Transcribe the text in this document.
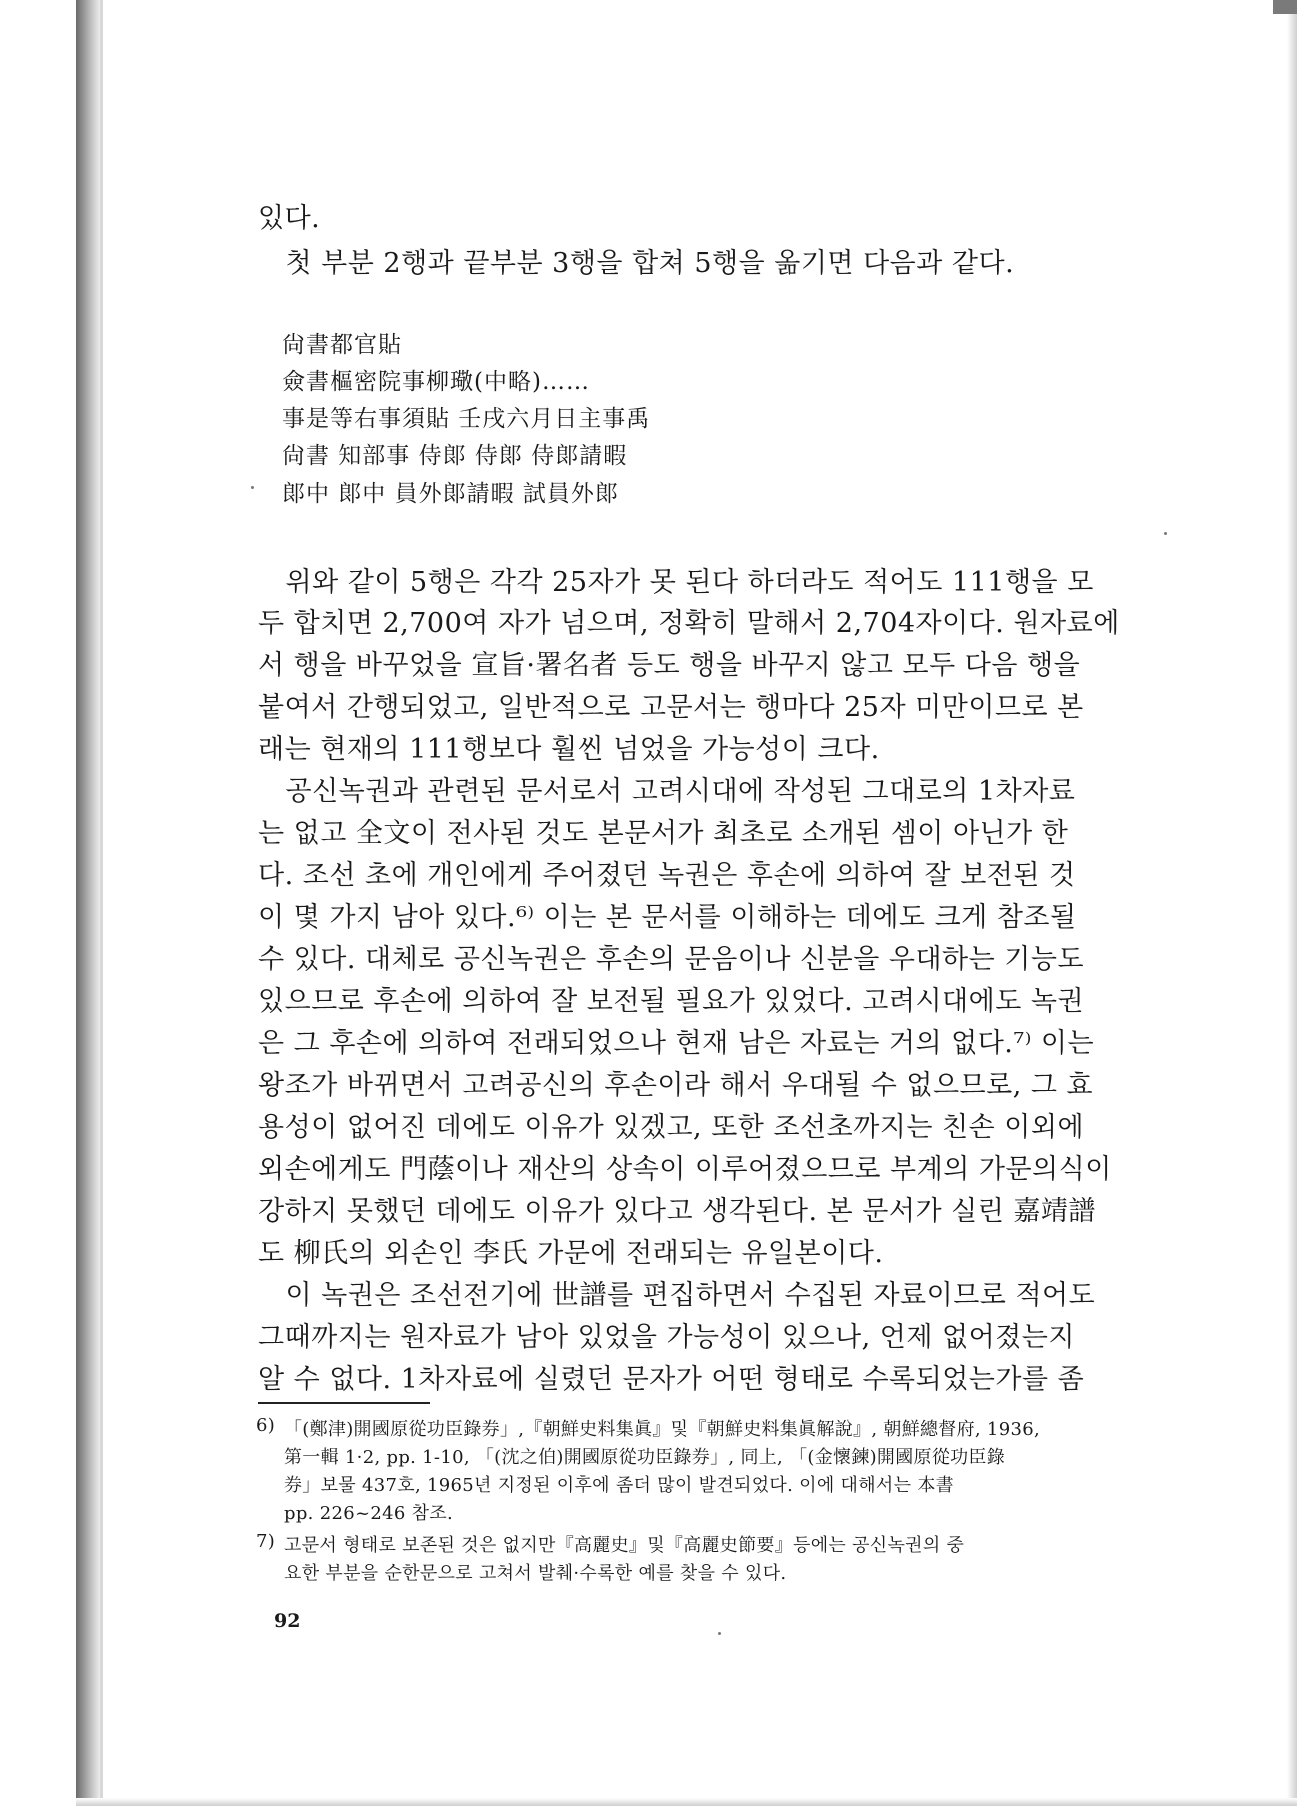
있다.
　첫 부분 2행과 끝부분 3행을 합쳐 5행을 옮기면 다음과 같다.
尙書都官貼
僉書樞密院事柳璥(中略)……
事是等右事須貼 壬戌六月日主事禹
尙書 知部事 侍郞 侍郞 侍郞請暇
郞中 郞中 員外郞請暇 試員外郞
　위와 같이 5행은 각각 25자가 못 된다 하더라도 적어도 111행을 모
두 합치면 2,700여 자가 넘으며, 정확히 말해서 2,704자이다. 원자료에
서 행을 바꾸었을 宣旨·署名者 등도 행을 바꾸지 않고 모두 다음 행을
붙여서 간행되었고, 일반적으로 고문서는 행마다 25자 미만이므로 본
래는 현재의 111행보다 훨씬 넘었을 가능성이 크다.
　공신녹권과 관련된 문서로서 고려시대에 작성된 그대로의 1차자료
는 없고 全文이 전사된 것도 본문서가 최초로 소개된 셈이 아닌가 한
다. 조선 초에 개인에게 주어졌던 녹권은 후손에 의하여 잘 보전된 것
이 몇 가지 남아 있다.⁶⁾ 이는 본 문서를 이해하는 데에도 크게 참조될
수 있다. 대체로 공신녹권은 후손의 문음이나 신분을 우대하는 기능도
있으므로 후손에 의하여 잘 보전될 필요가 있었다. 고려시대에도 녹권
은 그 후손에 의하여 전래되었으나 현재 남은 자료는 거의 없다.⁷⁾ 이는
왕조가 바뀌면서 고려공신의 후손이라 해서 우대될 수 없으므로, 그 효
용성이 없어진 데에도 이유가 있겠고, 또한 조선초까지는 친손 이외에
외손에게도 門蔭이나 재산의 상속이 이루어졌으므로 부계의 가문의식이
강하지 못했던 데에도 이유가 있다고 생각된다. 본 문서가 실린 嘉靖譜
도 柳氏의 외손인 李氏 가문에 전래되는 유일본이다.
　이 녹권은 조선전기에 世譜를 편집하면서 수집된 자료이므로 적어도
그때까지는 원자료가 남아 있었을 가능성이 있으나, 언제 없어졌는지
알 수 없다. 1차자료에 실렸던 문자가 어떤 형태로 수록되었는가를 좀
6) 「(鄭津)開國原從功臣錄券」,『朝鮮史料集眞』및『朝鮮史料集眞解說』, 朝鮮總督府, 1936,
第一輯 1·2, pp. 1-10, 「(沈之伯)開國原從功臣錄券」, 同上, 「(金懷鍊)開國原從功臣錄
券」보물 437호, 1965년 지정된 이후에 좀더 많이 발견되었다. 이에 대해서는 本書
pp. 226~246 참조.
7) 고문서 형태로 보존된 것은 없지만『高麗史』및『高麗史節要』등에는 공신녹권의 중
요한 부분을 순한문으로 고쳐서 발췌·수록한 예를 찾을 수 있다.
92
